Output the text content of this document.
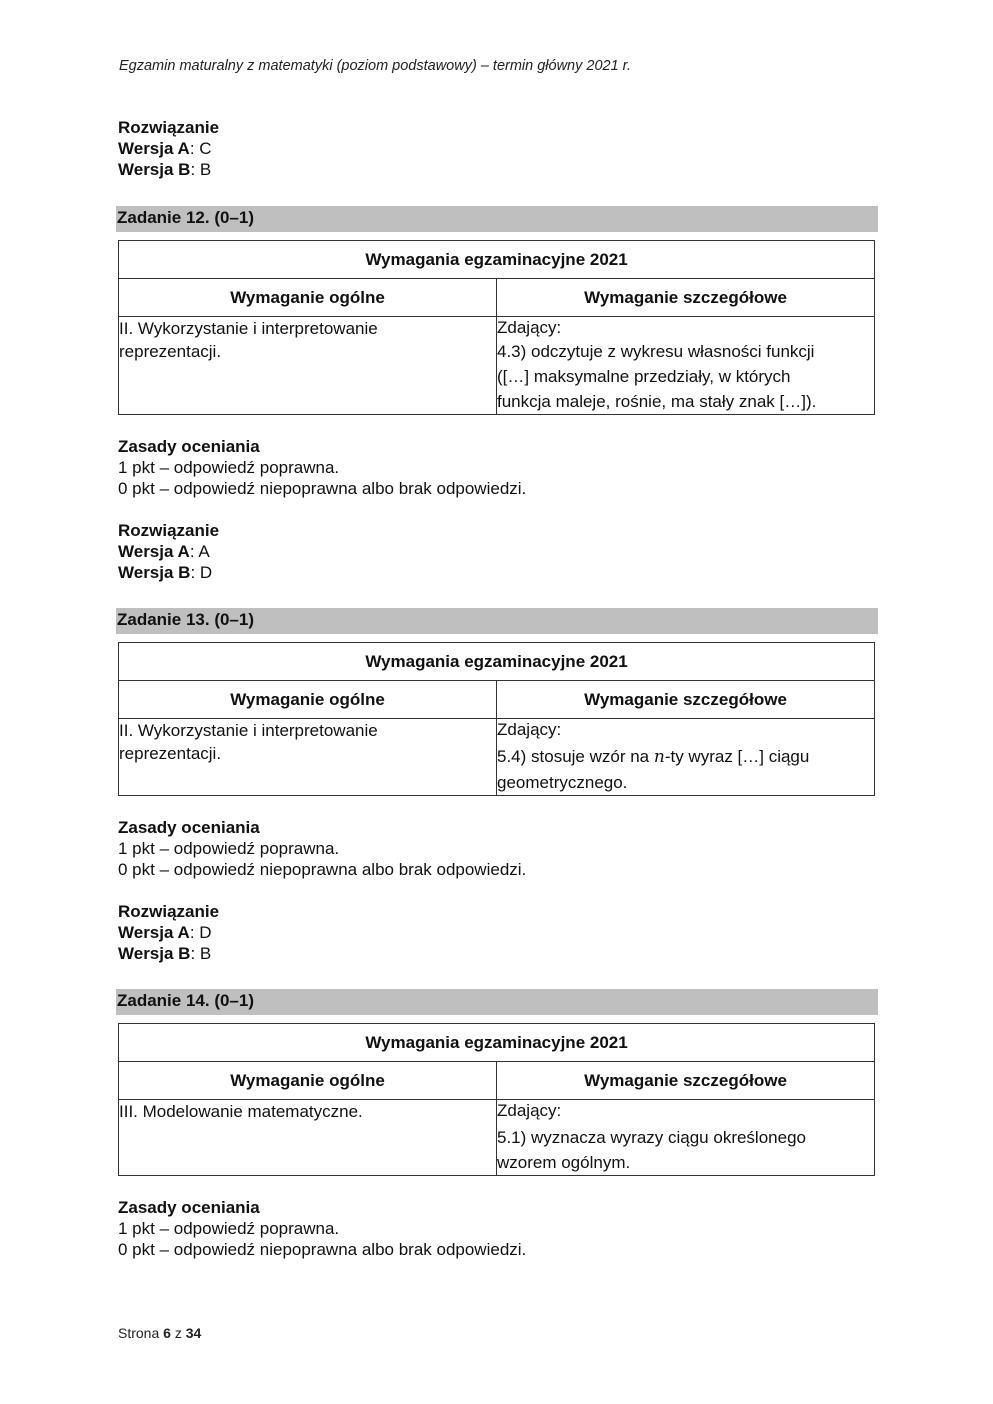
Egzamin maturalny z matematyki (poziom podstawowy) – termin główny 2021 r.
Rozwiązanie
Wersja A: C
Wersja B: B
Zadanie 12. (0–1)
Wymagania egzaminacyjne 2021	
Wymaganie ogólne	Wymaganie szczegółowe

II. Wykorzystanie i interpretowanie
reprezentacji.	Zdający:
4.3) odczytuje z wykresu własności funkcji
([…] maksymalne przedziały, w których
funkcja maleje, rośnie, ma stały znak […]).
Zasady oceniania
1 pkt – odpowiedź poprawna.
0 pkt – odpowiedź niepoprawna albo brak odpowiedzi.
Rozwiązanie
Wersja A: A
Wersja B: D
Zadanie 13. (0–1)
Wymagania egzaminacyjne 2021	
Wymaganie ogólne	Wymaganie szczegółowe

II. Wykorzystanie i interpretowanie
reprezentacji.	Zdający:
5.4) stosuje wzór na n-ty wyraz […] ciągu
geometrycznego.
Zasady oceniania
1 pkt – odpowiedź poprawna.
0 pkt – odpowiedź niepoprawna albo brak odpowiedzi.
Rozwiązanie
Wersja A: D
Wersja B: B
Zadanie 14. (0–1)
Wymagania egzaminacyjne 2021	
Wymaganie ogólne	Wymaganie szczegółowe

III. Modelowanie matematyczne.	Zdający:
5.1) wyznacza wyrazy ciągu określonego
wzorem ogólnym.
Zasady oceniania
1 pkt – odpowiedź poprawna.
0 pkt – odpowiedź niepoprawna albo brak odpowiedzi.
Strona 6 z 34
